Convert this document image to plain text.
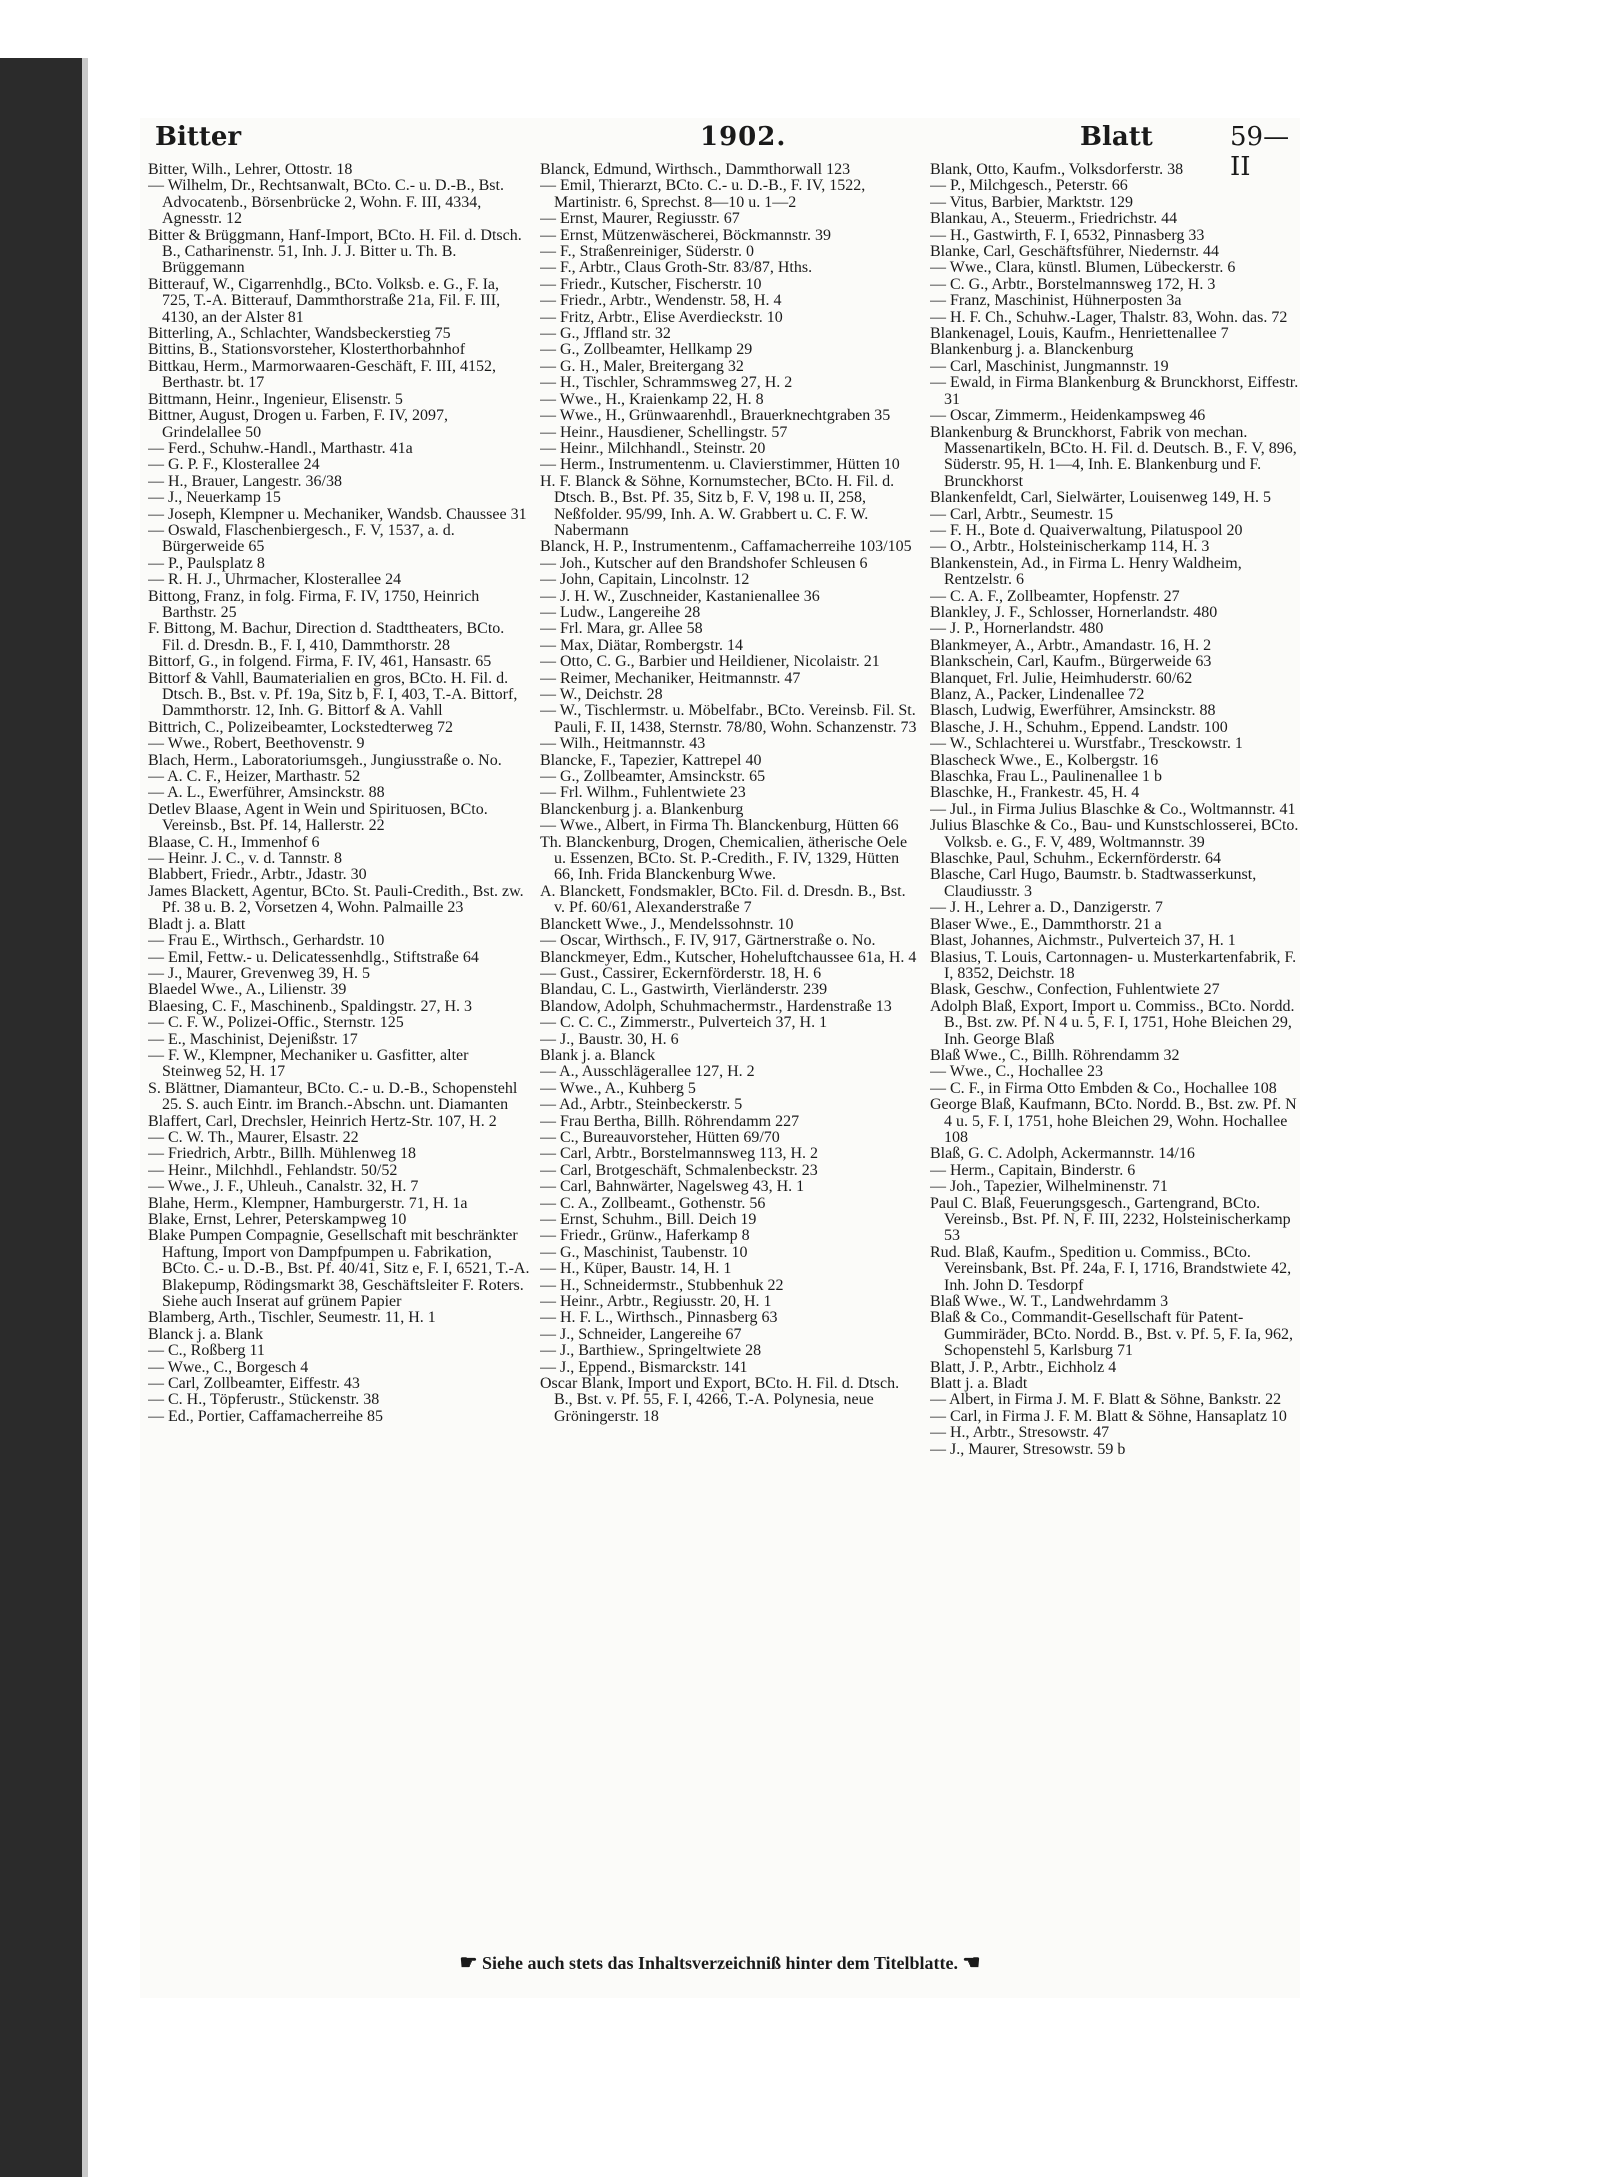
Bitter	1902.	Blatt	59—II

Bitter, Wilh., Lehrer, Ottostr. 18

— Wilhelm, Dr., Rechtsanwalt, BCto. C.- u. D.-B., Bst. Advocatenb., Börsenbrücke 2, Wohn. F. III, 4334, Agnesstr. 12

Bitter & Brüggmann, Hanf-Import, BCto. H. Fil. d. Dtsch. B., Catharinenstr. 51, Inh. J. J. Bitter u. Th. B. Brüggemann

Bitterauf, W., Cigarrenhdlg., BCto. Volksb. e. G., F. Ia, 725, T.-A. Bitterauf, Dammthorstraße 21a, Fil. F. III, 4130, an der Alster 81

Bitterling, A., Schlachter, Wandsbeckerstieg 75

Bittins, B., Stationsvorsteher, Klosterthorbahnhof

Bittkau, Herm., Marmorwaaren-Geschäft, F. III, 4152, Berthastr. bt. 17

Bittmann, Heinr., Ingenieur, Elisenstr. 5

Bittner, August, Drogen u. Farben, F. IV, 2097, Grindelallee 50

— Ferd., Schuhw.-Handl., Marthastr. 41a

— G. P. F., Klosterallee 24

— H., Brauer, Langestr. 36/38

— J., Neuerkamp 15

— Joseph, Klempner u. Mechaniker, Wandsb. Chaussee 31

— Oswald, Flaschenbiergesch., F. V, 1537, a. d. Bürgerweide 65

— P., Paulsplatz 8

— R. H. J., Uhrmacher, Klosterallee 24

Bittong, Franz, in folg. Firma, F. IV, 1750, Heinrich Barthstr. 25

F. Bittong, M. Bachur, Direction d. Stadttheaters, BCto. Fil. d. Dresdn. B., F. I, 410, Dammthorstr. 28

Bittorf, G., in folgend. Firma, F. IV, 461, Hansastr. 65

Bittorf & Vahll, Baumaterialien en gros, BCto. H. Fil. d. Dtsch. B., Bst. v. Pf. 19a, Sitz b, F. I, 403, T.-A. Bittorf, Dammthorstr. 12, Inh. G. Bittorf & A. Vahll

Bittrich, C., Polizeibeamter, Lockstedterweg 72

— Wwe., Robert, Beethovenstr. 9

Blach, Herm., Laboratoriumsgeh., Jungiusstraße o. No.

— A. C. F., Heizer, Marthastr. 52

— A. L., Ewerführer, Amsinckstr. 88

Detlev Blaase, Agent in Wein und Spirituosen, BCto. Vereinsb., Bst. Pf. 14, Hallerstr. 22

Blaase, C. H., Immenhof 6

— Heinr. J. C., v. d. Tannstr. 8

Blabbert, Friedr., Arbtr., Jdastr. 30

James Blackett, Agentur, BCto. St. Pauli-Credith., Bst. zw. Pf. 38 u. B. 2, Vorsetzen 4, Wohn. Palmaille 23

Bladt j. a. Blatt

— Frau E., Wirthsch., Gerhardstr. 10

— Emil, Fettw.- u. Delicatessenhdlg., Stiftstraße 64

— J., Maurer, Grevenweg 39, H. 5

Blaedel Wwe., A., Lilienstr. 39

Blaesing, C. F., Maschinenb., Spaldingstr. 27, H. 3

— C. F. W., Polizei-Offic., Sternstr. 125

— E., Maschinist, Dejenißstr. 17

— F. W., Klempner, Mechaniker u. Gasfitter, alter Steinweg 52, H. 17

S. Blättner, Diamanteur, BCto. C.- u. D.-B., Schopenstehl 25. S. auch Eintr. im Branch.-Abschn. unt. Diamanten

Blaffert, Carl, Drechsler, Heinrich Hertz-Str. 107, H. 2

— C. W. Th., Maurer, Elsastr. 22

— Friedrich, Arbtr., Billh. Mühlenweg 18

— Heinr., Milchhdl., Fehlandstr. 50/52

— Wwe., J. F., Uhleuh., Canalstr. 32, H. 7

Blahe, Herm., Klempner, Hamburgerstr. 71, H. 1a

Blake, Ernst, Lehrer, Peterskampweg 10

Blake Pumpen Compagnie, Gesellschaft mit beschränkter Haftung, Import von Dampfpumpen u. Fabrikation, BCto. C.- u. D.-B., Bst. Pf. 40/41, Sitz e, F. I, 6521, T.-A. Blakepump, Rödingsmarkt 38, Geschäftsleiter F. Roters. Siehe auch Inserat auf grünem Papier

Blamberg, Arth., Tischler, Seumestr. 11, H. 1

Blanck j. a. Blank

— C., Roßberg 11

— Wwe., C., Borgesch 4

— Carl, Zollbeamter, Eiffestr. 43

— C. H., Töpferustr., Stückenstr. 38

— Ed., Portier, Caffamacherreihe 85

Blanck, Edmund, Wirthsch., Dammthorwall 123

— Emil, Thierarzt, BCto. C.- u. D.-B., F. IV, 1522, Martinistr. 6, Sprechst. 8—10 u. 1—2

— Ernst, Maurer, Regiusstr. 67

— Ernst, Mützenwäscherei, Böckmannstr. 39

— F., Straßenreiniger, Süderstr. 0

— F., Arbtr., Claus Groth-Str. 83/87, Hths.

— Friedr., Kutscher, Fischerstr. 10

— Friedr., Arbtr., Wendenstr. 58, H. 4

— Fritz, Arbtr., Elise Averdieckstr. 10

— G., Jffland str. 32

— G., Zollbeamter, Hellkamp 29

— G. H., Maler, Breitergang 32

— H., Tischler, Schrammsweg 27, H. 2

— Wwe., H., Kraienkamp 22, H. 8

— Wwe., H., Grünwaarenhdl., Brauerknechtgraben 35

— Heinr., Hausdiener, Schellingstr. 57

— Heinr., Milchhandl., Steinstr. 20

— Herm., Instrumentenm. u. Clavierstimmer, Hütten 10

H. F. Blanck & Söhne, Kornumstecher, BCto. H. Fil. d. Dtsch. B., Bst. Pf. 35, Sitz b, F. V, 198 u. II, 258, Neßfolder. 95/99, Inh. A. W. Grabbert u. C. F. W. Nabermann

Blanck, H. P., Instrumentenm., Caffamacherreihe 103/105

— Joh., Kutscher auf den Brandshofer Schleusen 6

— John, Capitain, Lincolnstr. 12

— J. H. W., Zuschneider, Kastanienallee 36

— Ludw., Langereihe 28

— Frl. Mara, gr. Allee 58

— Max, Diätar, Rombergstr. 14

— Otto, C. G., Barbier und Heildiener, Nicolaistr. 21

— Reimer, Mechaniker, Heitmannstr. 47

— W., Deichstr. 28

— W., Tischlermstr. u. Möbelfabr., BCto. Vereinsb. Fil. St. Pauli, F. II, 1438, Sternstr. 78/80, Wohn. Schanzenstr. 73

— Wilh., Heitmannstr. 43

Blancke, F., Tapezier, Kattrepel 40

— G., Zollbeamter, Amsinckstr. 65

— Frl. Wilhm., Fuhlentwiete 23

Blanckenburg j. a. Blankenburg

— Wwe., Albert, in Firma Th. Blanckenburg, Hütten 66

Th. Blanckenburg, Drogen, Chemicalien, ätherische Oele u. Essenzen, BCto. St. P.-Credith., F. IV, 1329, Hütten 66, Inh. Frida Blanckenburg Wwe.

A. Blanckett, Fondsmakler, BCto. Fil. d. Dresdn. B., Bst. v. Pf. 60/61, Alexanderstraße 7

Blanckett Wwe., J., Mendelssohnstr. 10

— Oscar, Wirthsch., F. IV, 917, Gärtnerstraße o. No.

Blanckmeyer, Edm., Kutscher, Hoheluftchaussee 61a, H. 4

— Gust., Cassirer, Eckernförderstr. 18, H. 6

Blandau, C. L., Gastwirth, Vierländerstr. 239

Blandow, Adolph, Schuhmachermstr., Hardenstraße 13

— C. C. C., Zimmerstr., Pulverteich 37, H. 1

— J., Baustr. 30, H. 6

Blank j. a. Blanck

— A., Ausschlägerallee 127, H. 2

— Wwe., A., Kuhberg 5

— Ad., Arbtr., Steinbeckerstr. 5

— Frau Bertha, Billh. Röhrendamm 227

— C., Bureauvorsteher, Hütten 69/70

— Carl, Arbtr., Borstelmannsweg 113, H. 2

— Carl, Brotgeschäft, Schmalenbeckstr. 23

— Carl, Bahnwärter, Nagelsweg 43, H. 1

— C. A., Zollbeamt., Gothenstr. 56

— Ernst, Schuhm., Bill. Deich 19

— Friedr., Grünw., Haferkamp 8

— G., Maschinist, Taubenstr. 10

— H., Küper, Baustr. 14, H. 1

— H., Schneidermstr., Stubbenhuk 22

— Heinr., Arbtr., Regiusstr. 20, H. 1

— H. F. L., Wirthsch., Pinnasberg 63

— J., Schneider, Langereihe 67

— J., Barthiew., Springeltwiete 28

— J., Eppend., Bismarckstr. 141

Oscar Blank, Import und Export, BCto. H. Fil. d. Dtsch. B., Bst. v. Pf. 55, F. I, 4266, T.-A. Polynesia, neue Gröningerstr. 18

Blank, Otto, Kaufm., Volksdorferstr. 38

— P., Milchgesch., Peterstr. 66

— Vitus, Barbier, Marktstr. 129

Blankau, A., Steuerm., Friedrichstr. 44

— H., Gastwirth, F. I, 6532, Pinnasberg 33

Blanke, Carl, Geschäftsführer, Niedernstr. 44

— Wwe., Clara, künstl. Blumen, Lübeckerstr. 6

— C. G., Arbtr., Borstelmannsweg 172, H. 3

— Franz, Maschinist, Hühnerposten 3a

— H. F. Ch., Schuhw.-Lager, Thalstr. 83, Wohn. das. 72

Blankenagel, Louis, Kaufm., Henriettenallee 7

Blankenburg j. a. Blanckenburg

— Carl, Maschinist, Jungmannstr. 19

— Ewald, in Firma Blankenburg & Brunckhorst, Eiffestr. 31

— Oscar, Zimmerm., Heidenkampsweg 46

Blankenburg & Brunckhorst, Fabrik von mechan. Massenartikeln, BCto. H. Fil. d. Deutsch. B., F. V, 896, Süderstr. 95, H. 1—4, Inh. E. Blankenburg und F. Brunckhorst

Blankenfeldt, Carl, Sielwärter, Louisenweg 149, H. 5

— Carl, Arbtr., Seumestr. 15

— F. H., Bote d. Quaiverwaltung, Pilatuspool 20

— O., Arbtr., Holsteinischerkamp 114, H. 3

Blankenstein, Ad., in Firma L. Henry Waldheim, Rentzelstr. 6

— C. A. F., Zollbeamter, Hopfenstr. 27

Blankley, J. F., Schlosser, Hornerlandstr. 480

— J. P., Hornerlandstr. 480

Blankmeyer, A., Arbtr., Amandastr. 16, H. 2

Blankschein, Carl, Kaufm., Bürgerweide 63

Blanquet, Frl. Julie, Heimhuderstr. 60/62

Blanz, A., Packer, Lindenallee 72

Blasch, Ludwig, Ewerführer, Amsinckstr. 88

Blasche, J. H., Schuhm., Eppend. Landstr. 100

— W., Schlachterei u. Wurstfabr., Tresckowstr. 1

Blascheck Wwe., E., Kolbergstr. 16

Blaschka, Frau L., Paulinenallee 1 b

Blaschke, H., Frankestr. 45, H. 4

— Jul., in Firma Julius Blaschke & Co., Woltmannstr. 41

Julius Blaschke & Co., Bau- und Kunstschlosserei, BCto. Volksb. e. G., F. V, 489, Woltmannstr. 39

Blaschke, Paul, Schuhm., Eckernförderstr. 64

Blasche, Carl Hugo, Baumstr. b. Stadtwasserkunst, Claudiusstr. 3

— J. H., Lehrer a. D., Danzigerstr. 7

Blaser Wwe., E., Dammthorstr. 21 a

Blast, Johannes, Aichmstr., Pulverteich 37, H. 1

Blasius, T. Louis, Cartonnagen- u. Musterkartenfabrik, F. I, 8352, Deichstr. 18

Blask, Geschw., Confection, Fuhlentwiete 27

Adolph Blaß, Export, Import u. Commiss., BCto. Nordd. B., Bst. zw. Pf. N 4 u. 5, F. I, 1751, Hohe Bleichen 29, Inh. George Blaß

Blaß Wwe., C., Billh. Röhrendamm 32

— Wwe., C., Hochallee 23

— C. F., in Firma Otto Embden & Co., Hochallee 108

George Blaß, Kaufmann, BCto. Nordd. B., Bst. zw. Pf. N 4 u. 5, F. I, 1751, hohe Bleichen 29, Wohn. Hochallee 108

Blaß, G. C. Adolph, Ackermannstr. 14/16

— Herm., Capitain, Binderstr. 6

— Joh., Tapezier, Wilhelminenstr. 71

Paul C. Blaß, Feuerungsgesch., Gartengrand, BCto. Vereinsb., Bst. Pf. N, F. III, 2232, Holsteinischerkamp 53

Rud. Blaß, Kaufm., Spedition u. Commiss., BCto. Vereinsbank, Bst. Pf. 24a, F. I, 1716, Brandstwiete 42, Inh. John D. Tesdorpf

Blaß Wwe., W. T., Landwehrdamm 3

Blaß & Co., Commandit-Gesellschaft für Patent-Gummiräder, BCto. Nordd. B., Bst. v. Pf. 5, F. Ia, 962, Schopenstehl 5, Karlsburg 71

Blatt, J. P., Arbtr., Eichholz 4

Blatt j. a. Bladt

— Albert, in Firma J. M. F. Blatt & Söhne, Bankstr. 22

— Carl, in Firma J. F. M. Blatt & Söhne, Hansaplatz 10

— H., Arbtr., Stresowstr. 47

— J., Maurer, Stresowstr. 59 b

☛ Siehe auch stets das Inhaltsverzeichniß hinter dem Titelblatte. ☚
